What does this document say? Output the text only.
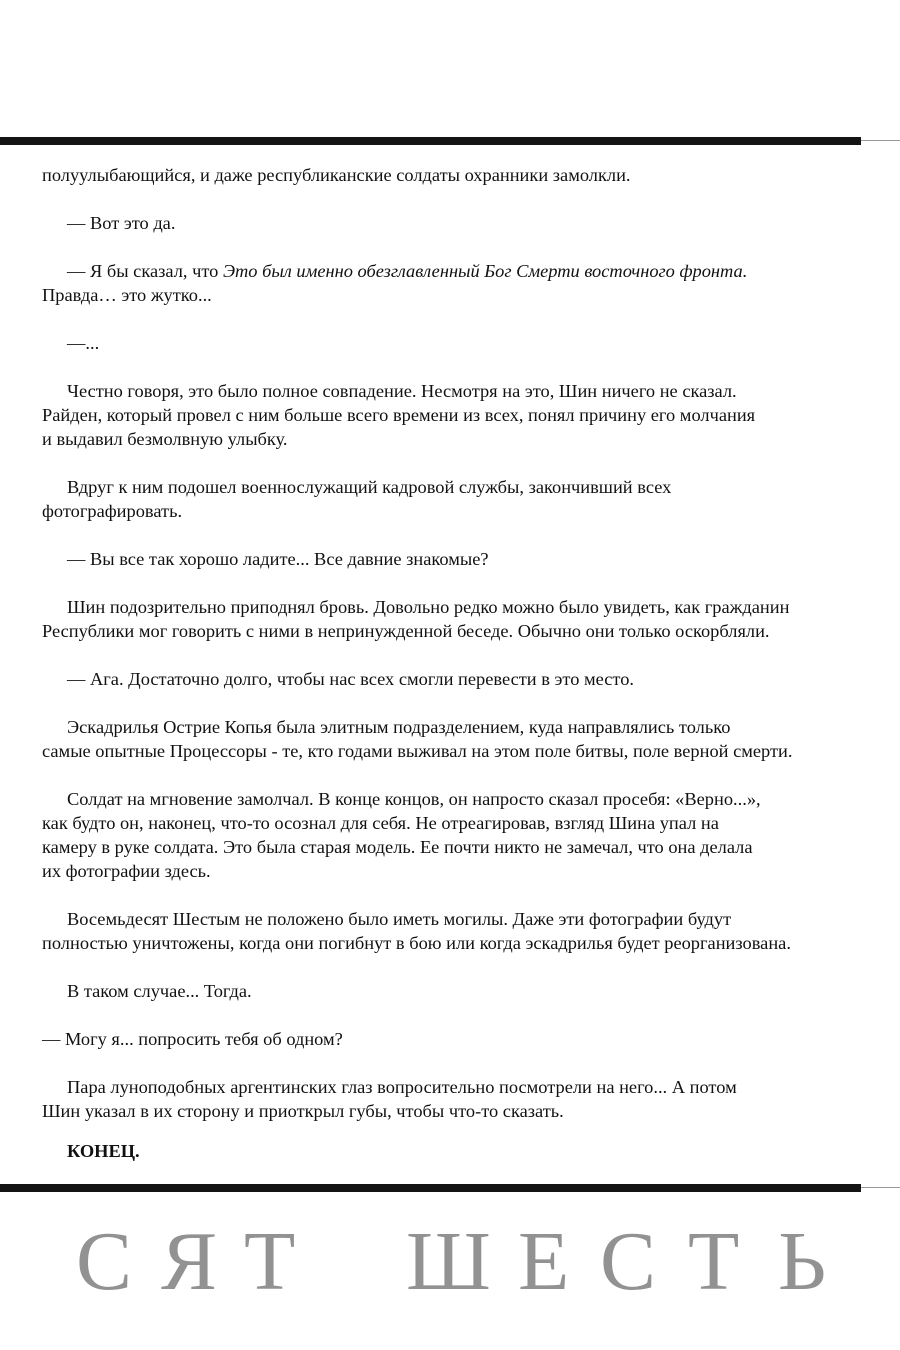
полуулыбающийся, и даже республиканские солдаты охранники замолкли.

— Вот это да.

— Я бы сказал, что Это был именно обезглавленный Бог Смерти восточного фронта.
Правда… это жутко...

—...

Честно говоря, это было полное совпадение. Несмотря на это, Шин ничего не сказал.
Райден, который провел с ним больше всего времени из всех, понял причину его молчания
и выдавил безмолвную улыбку.

Вдруг к ним подошел военнослужащий кадровой службы, закончивший всех
фотографировать.

— Вы все так хорошо ладите... Все давние знакомые?

Шин подозрительно приподнял бровь. Довольно редко можно было увидеть, как гражданин
Республики мог говорить с ними в непринужденной беседе. Обычно они только оскорбляли.

— Ага. Достаточно долго, чтобы нас всех смогли перевести в это место.

Эскадрилья Острие Копья была элитным подразделением, куда направлялись только
самые опытные Процессоры - те, кто годами выживал на этом поле битвы, поле верной смерти.

Солдат на мгновение замолчал. В конце концов, он напросто сказал просебя: «Верно...»,
как будто он, наконец, что-то осознал для себя. Не отреагировав, взгляд Шина упал на
камеру в руке солдата. Это была старая модель. Ее почти никто не замечал, что она делала
их фотографии здесь.

Восемьдесят Шестым не положено было иметь могилы. Даже эти фотографии будут
полностью уничтожены, когда они погибнут в бою или когда эскадрилья будет реорганизована.

В таком случае... Тогда.

— Могу я... попросить тебя об одном?

Пара луноподобных аргентинских глаз вопросительно посмотрели на него... А потом
Шин указал в их сторону и приоткрыл губы, чтобы что-то сказать.

КОНЕЦ.

С Я Т Ш Е С Т Ь
